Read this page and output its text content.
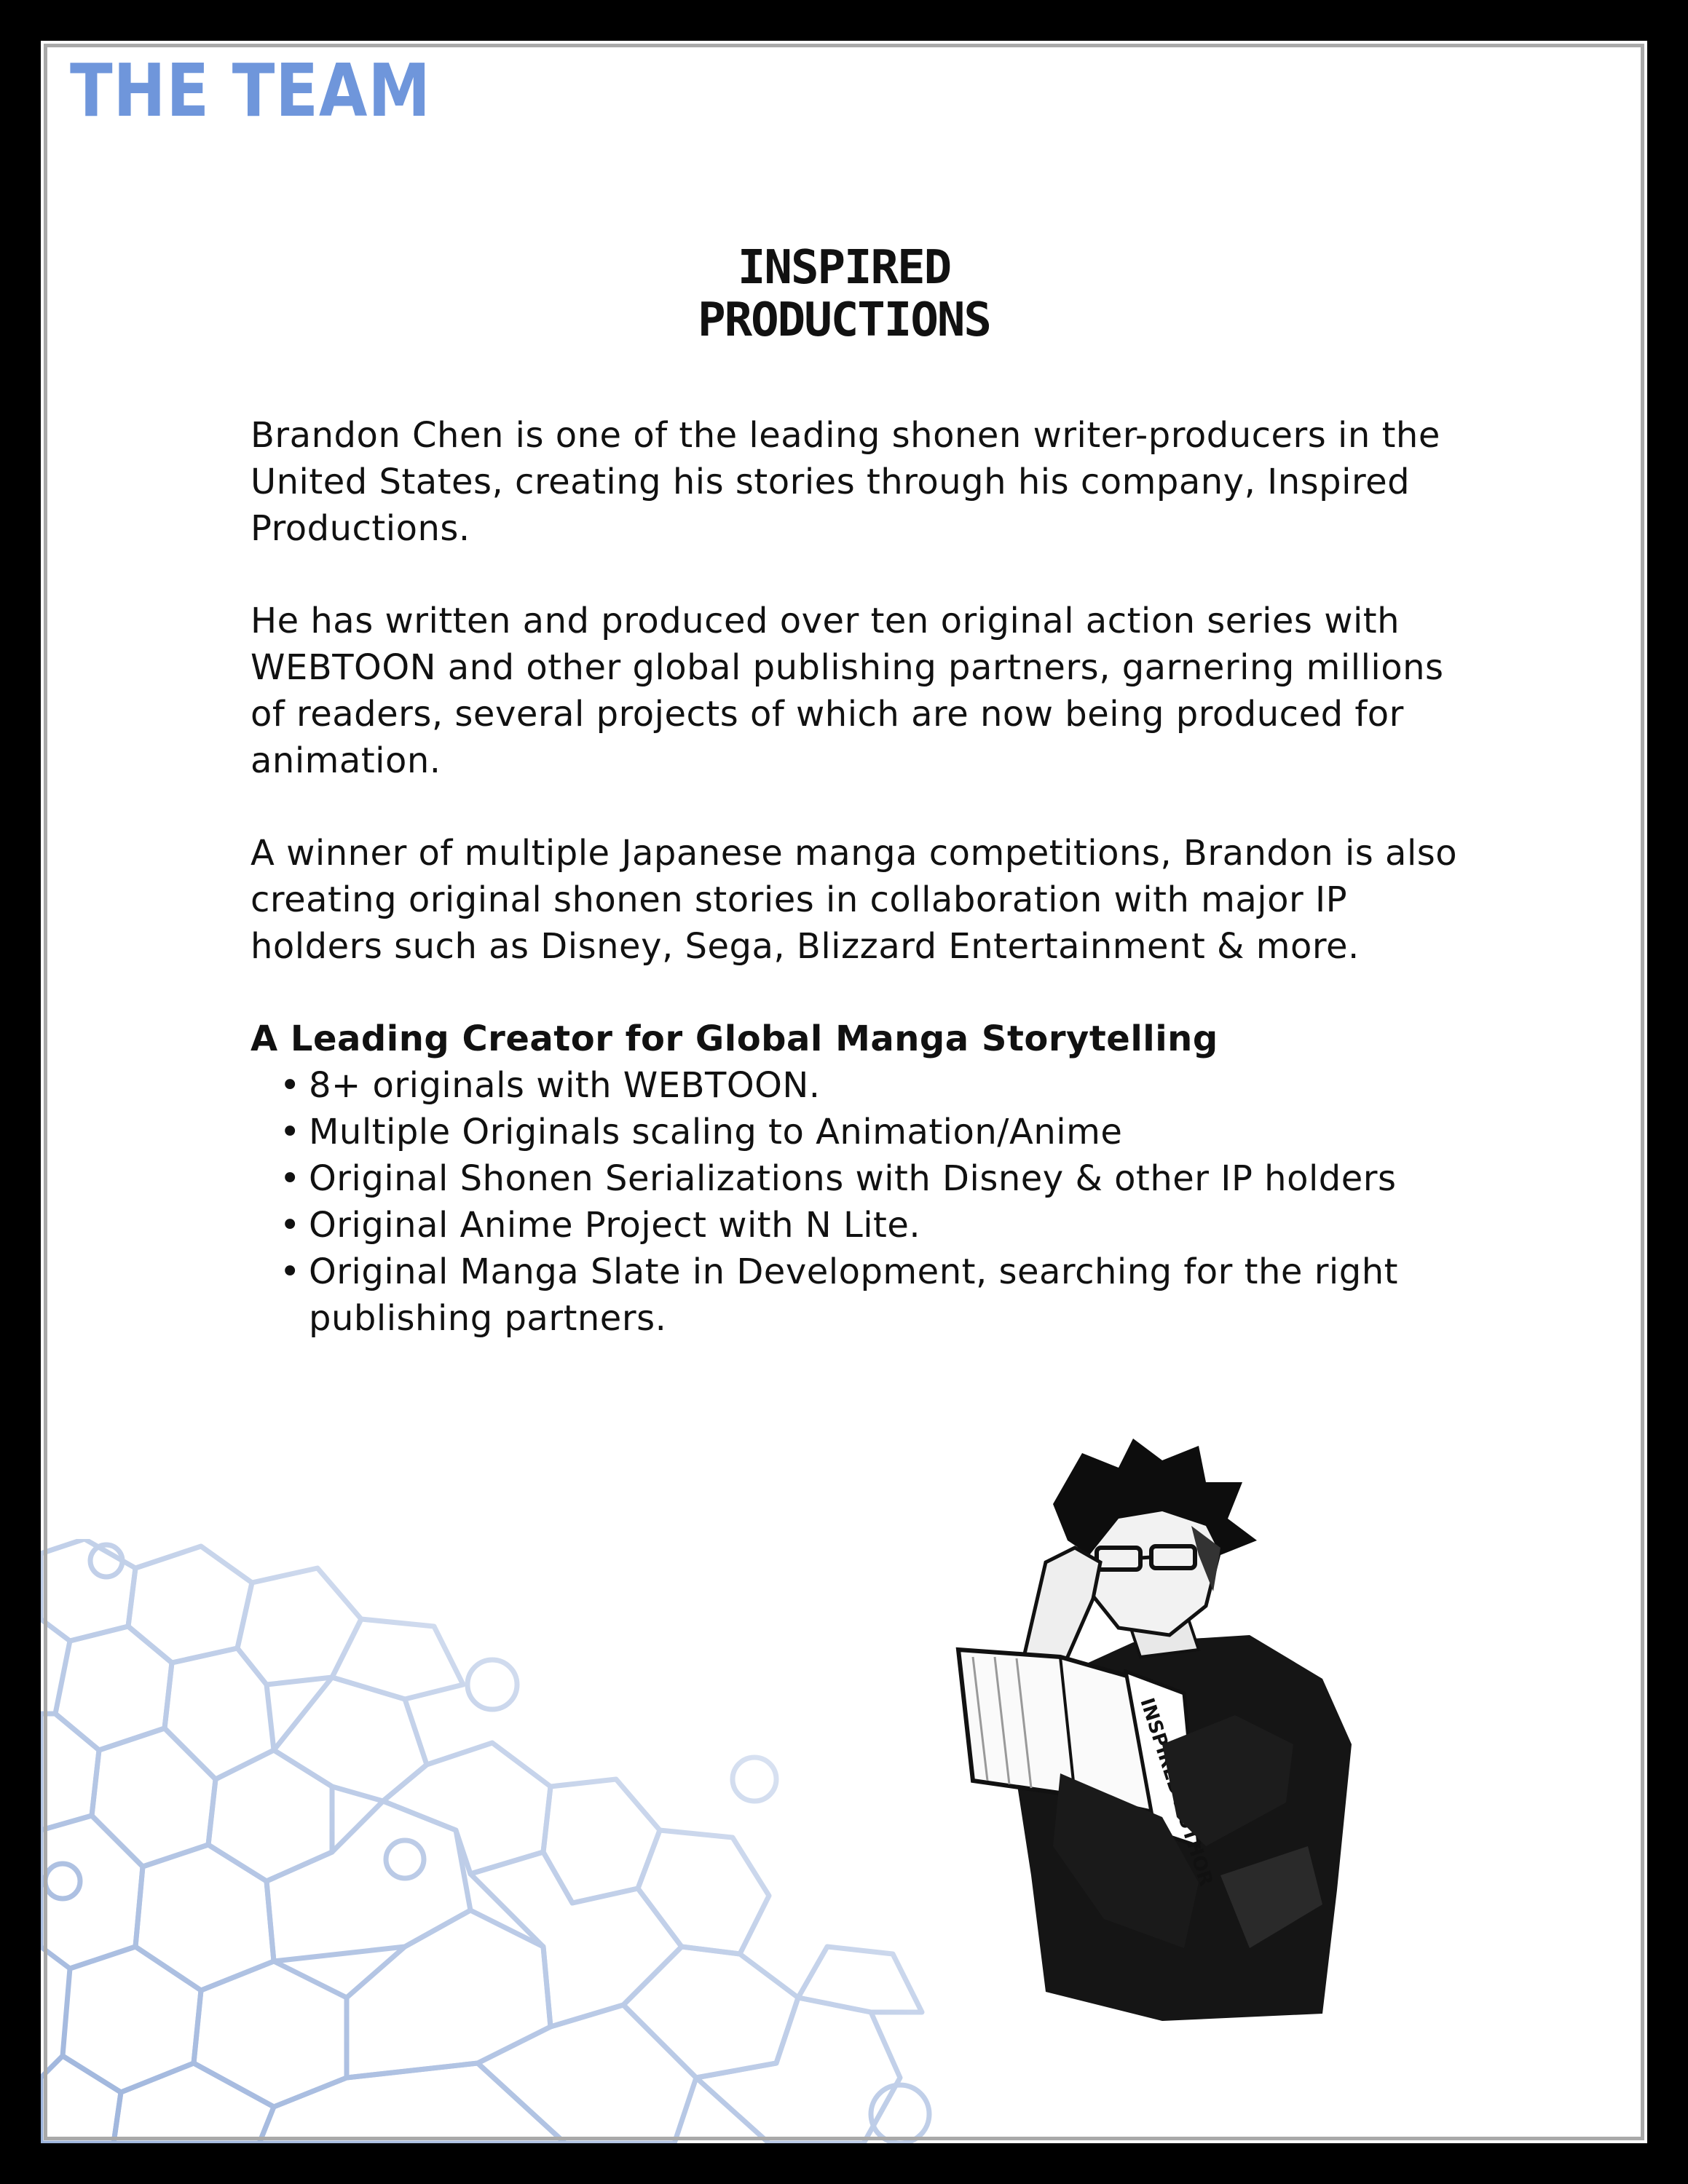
THE TEAM
INSPIRED
PRODUCTIONS

Brandon Chen is one of the leading shonen writer-producers in the United States, creating his stories through his company, Inspired Productions.

He has written and produced over ten original action series with WEBTOON and other global publishing partners, garnering millions of readers, several projects of which are now being produced for animation.

A winner of multiple Japanese manga competitions, Brandon is also creating original shonen stories in collaboration with major IP holders such as Disney, Sega, Blizzard Entertainment & more.

A Leading Creator for Global Manga Storytelling
• 8+ originals with WEBTOON.
• Multiple Originals scaling to Animation/Anime
• Original Shonen Serializations with Disney & other IP holders
• Original Anime Project with N Lite.
• Original Manga Slate in Development, searching for the right publishing partners.
INSPIRED AUTHOR
